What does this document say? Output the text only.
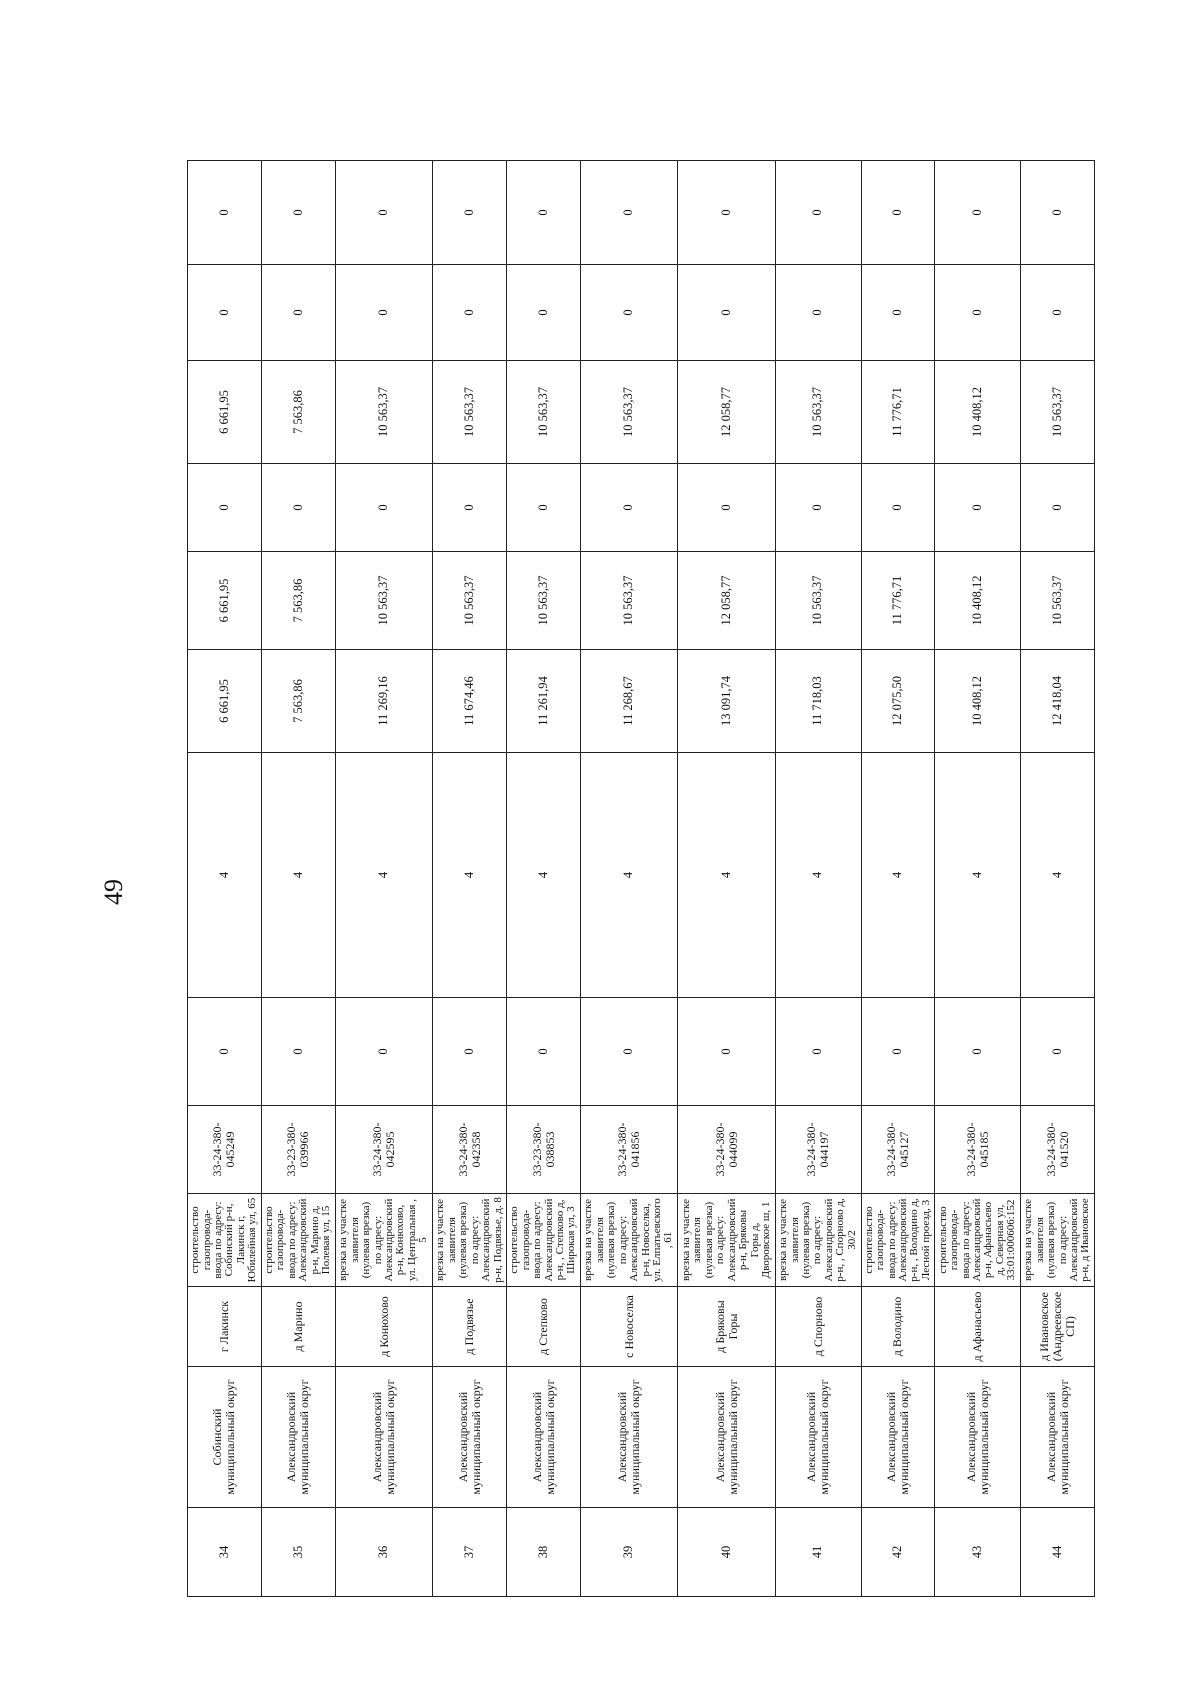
49
34	Собинский муниципальный округ	г Лакинск	строительство газопровода-ввода по адресу: Собинский р-н, Лакинск г, Юбилейная ул, 65	33-24-380-045249	0	4	6 661,95	6 661,95	0	6 661,95	0	0
35	Александровский муниципальный округ	д Марино	строительство газопровода-ввода по адресу: Александровский р-н, Марино д, Полевая ул, 15	33-23-380-039966	0	4	7 563,86	7 563,86	0	7 563,86	0	0
36	Александровский муниципальный округ	д Конюхово	врезка на участке заявителя (нулевая врезка) по адресу: Александровский р-н, Конюхово, ул. Центральная , 5	33-24-380-042595	0	4	11 269,16	10 563,37	0	10 563,37	0	0
37	Александровский муниципальный округ	д Подвязье	врезка на участке заявителя (нулевая врезка) по адресу: Александровский р-н, Подвязье, д. 8	33-24-380-042358	0	4	11 674,46	10 563,37	0	10 563,37	0	0
38	Александровский муниципальный округ	д Степково	строительство газопровода-ввода по адресу: Александровский р-н, , Степково д, Широкая ул, 3	33-23-380-038853	0	4	11 261,94	10 563,37	0	10 563,37	0	0
39	Александровский муниципальный округ	с Новоселка	врезка на участке заявителя (нулевая врезка) по адресу: Александровский р-н, Новоселка, ул. Елпатьевского , 61	33-24-380-041856	0	4	11 268,67	10 563,37	0	10 563,37	0	0
40	Александровский муниципальный округ	д Бряковы Горы	врезка на участке заявителя (нулевая врезка) по адресу: Александровский р-н, Бряковы Горы д, Дворовское ш, 1	33-24-380-044099	0	4	13 091,74	12 058,77	0	12 058,77	0	0
41	Александровский муниципальный округ	д Спорново	врезка на участке заявителя (нулевая врезка) по адресу: Александровский р-н, , Спорново д, 30/2	33-24-380-044197	0	4	11 718,03	10 563,37	0	10 563,37	0	0
42	Александровский муниципальный округ	д Володино	строительство газопровода-ввода по адресу: Александровский р-н, , Володино д, Лесной проезд, 3	33-24-380-045127	0	4	12 075,50	11 776,71	0	11 776,71	0	0
43	Александровский муниципальный округ	д Афанасьево	строительство газопровода-ввода по адресу: Александровский р-н, Афанасьево д, Северная ул, 33:01:000606:152	33-24-380-045185	0	4	10 408,12	10 408,12	0	10 408,12	0	0
44	Александровский муниципальный округ	д Ивановское (Андреевское СП)	врезка на участке заявителя (нулевая врезка) по адресу: Александровский р-н, д Ивановское	33-24-380-041520	0	4	12 418,04	10 563,37	0	10 563,37	0	0
